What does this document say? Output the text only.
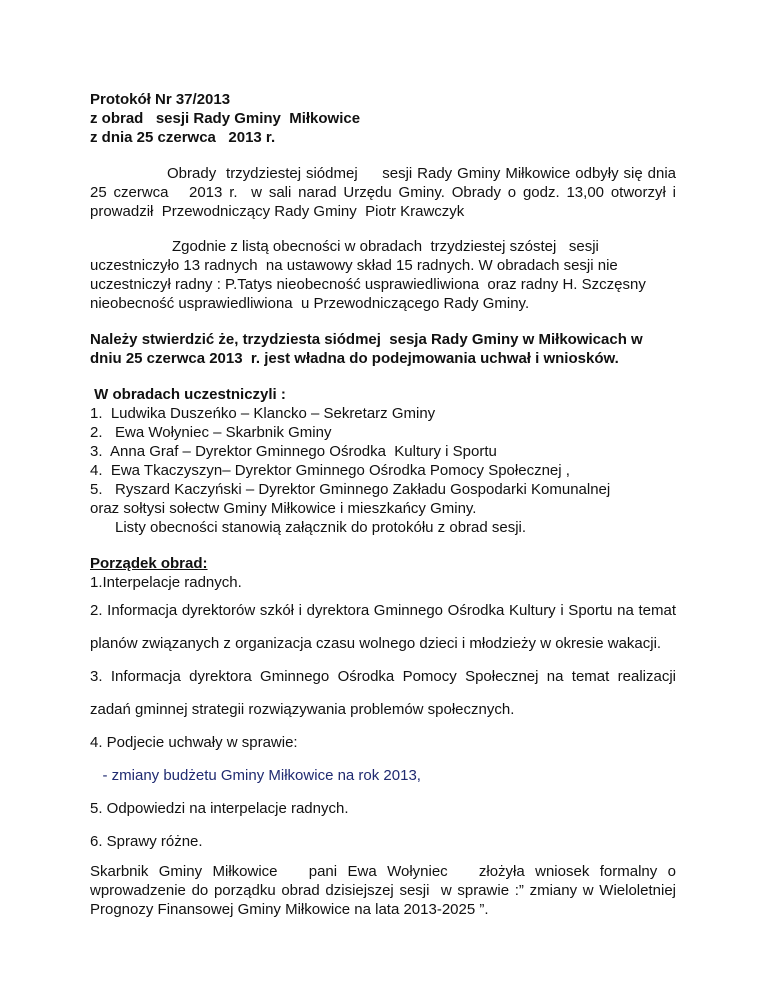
Protokół Nr 37/2013
z obrad   sesji Rady Gminy  Miłkowice
z dnia 25 czerwca   2013 r.

Obrady  trzydziestej siódmej     sesji Rady Gminy Miłkowice odbyły się dnia 25 czerwca   2013 r.  w sali narad Urzędu Gminy. Obrady o godz. 13,00 otworzył i prowadził  Przewodniczący Rady Gminy  Piotr Krawczyk

Zgodnie z listą obecności w obradach  trzydziestej szóstej   sesji uczestniczyło 13 radnych  na ustawowy skład 15 radnych. W obradach sesji nie uczestniczył radny : P.Tatys nieobecność usprawiedliwiona  oraz radny H. Szczęsny nieobecność usprawiedliwiona  u Przewodniczącego Rady Gminy.

Należy stwierdzić że, trzydziesta siódmej  sesja Rady Gminy w Miłkowicach w dniu 25 czerwca 2013  r. jest władna do podejmowania uchwał i wniosków.

W obradach uczestniczyli :
1.  Ludwika Duszeńko – Klancko – Sekretarz Gminy
2.   Ewa Wołyniec – Skarbnik Gminy
3.  Anna Graf – Dyrektor Gminnego Ośrodka  Kultury i Sportu
4.  Ewa Tkaczyszyn– Dyrektor Gminnego Ośrodka Pomocy Społecznej ,
5.   Ryszard Kaczyński – Dyrektor Gminnego Zakładu Gospodarki Komunalnej
oraz sołtysi sołectw Gminy Miłkowice i mieszkańcy Gminy.
Listy obecności stanowią załącznik do protokółu z obrad sesji.
Porządek obrad:
1.Interpelacje radnych.

2. Informacja dyrektorów szkół i dyrektora Gminnego Ośrodka Kultury i Sportu na temat

planów związanych z organizacja czasu wolnego dzieci i młodzieży w okresie wakacji.

3. Informacja dyrektora Gminnego Ośrodka Pomocy Społecznej na temat realizacji

zadań gminnej strategii rozwiązywania problemów społecznych.

4. Podjecie uchwały w sprawie:

- zmiany budżetu Gminy Miłkowice na rok 2013,

5. Odpowiedzi na interpelacje radnych.

6. Sprawy różne.

Skarbnik Gminy Miłkowice   pani Ewa Wołyniec   złożyła wniosek formalny o wprowadzenie do porządku obrad dzisiejszej sesji  w sprawie :” zmiany w Wieloletniej Prognozy Finansowej Gminy Miłkowice na lata 2013-2025 ”.
